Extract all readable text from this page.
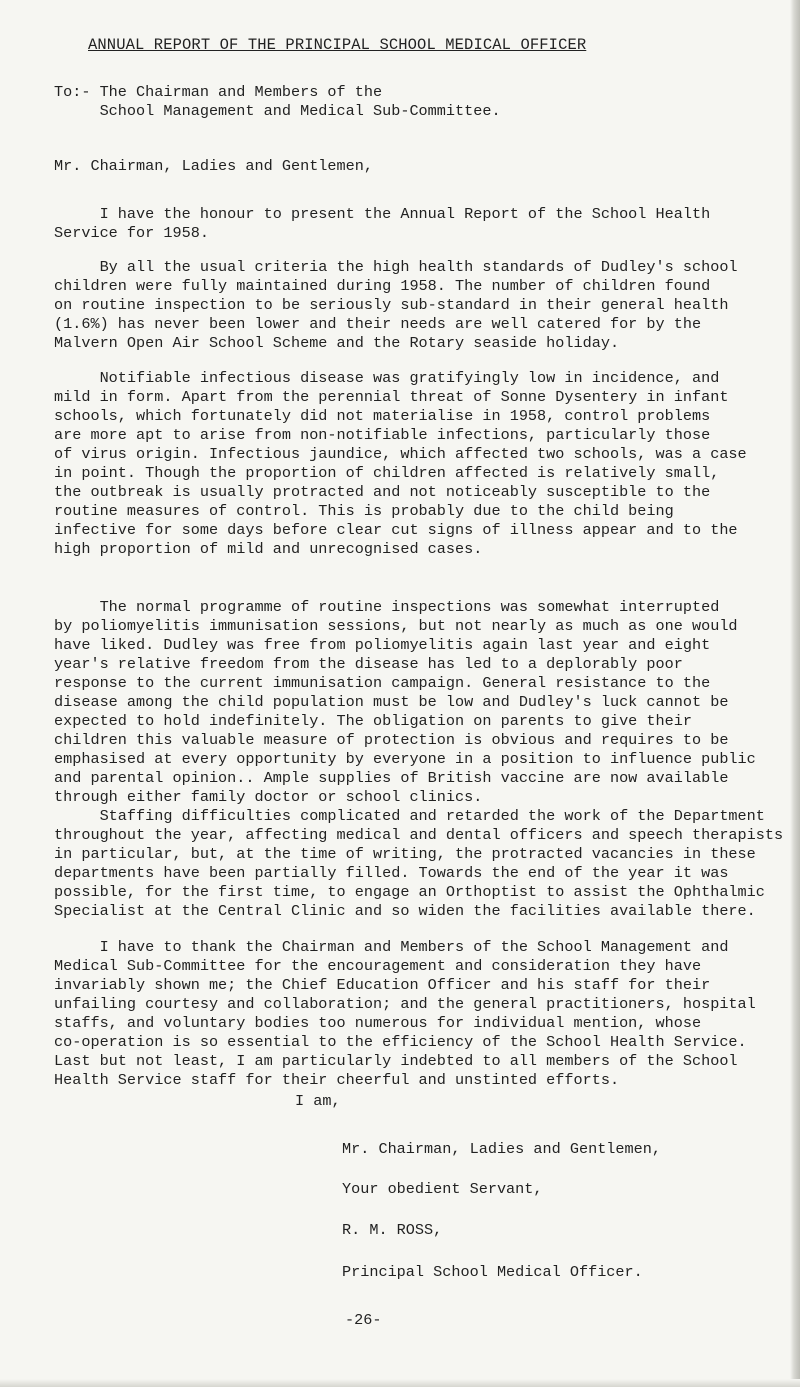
ANNUAL REPORT OF THE PRINCIPAL SCHOOL MEDICAL OFFICER
To:- The Chairman and Members of the
School Management and Medical Sub-Committee.
Mr. Chairman, Ladies and Gentlemen,
I have the honour to present the Annual Report of the School Health
Service for 1958.
By all the usual criteria the high health standards of Dudley's school
children were fully maintained during 1958. The number of children found
on routine inspection to be seriously sub-standard in their general health
(1.6%) has never been lower and their needs are well catered for by the
Malvern Open Air School Scheme and the Rotary seaside holiday.
Notifiable infectious disease was gratifyingly low in incidence, and
mild in form. Apart from the perennial threat of Sonne Dysentery in infant
schools, which fortunately did not materialise in 1958, control problems
are more apt to arise from non-notifiable infections, particularly those
of virus origin. Infectious jaundice, which affected two schools, was a case
in point. Though the proportion of children affected is relatively small,
the outbreak is usually protracted and not noticeably susceptible to the
routine measures of control. This is probably due to the child being
infective for some days before clear cut signs of illness appear and to the
high proportion of mild and unrecognised cases.
The normal programme of routine inspections was somewhat interrupted
by poliomyelitis immunisation sessions, but not nearly as much as one would
have liked. Dudley was free from poliomyelitis again last year and eight
year's relative freedom from the disease has led to a deplorably poor
response to the current immunisation campaign. General resistance to the
disease among the child population must be low and Dudley's luck cannot be
expected to hold indefinitely. The obligation on parents to give their
children this valuable measure of protection is obvious and requires to be
emphasised at every opportunity by everyone in a position to influence public
and parental opinion.. Ample supplies of British vaccine are now available
through either family doctor or school clinics.
Staffing difficulties complicated and retarded the work of the Department
throughout the year, affecting medical and dental officers and speech therapists
in particular, but, at the time of writing, the protracted vacancies in these
departments have been partially filled. Towards the end of the year it was
possible, for the first time, to engage an Orthoptist to assist the Ophthalmic
Specialist at the Central Clinic and so widen the facilities available there.
I have to thank the Chairman and Members of the School Management and
Medical Sub-Committee for the encouragement and consideration they have
invariably shown me; the Chief Education Officer and his staff for their
unfailing courtesy and collaboration; and the general practitioners, hospital
staffs, and voluntary bodies too numerous for individual mention, whose
co-operation is so essential to the efficiency of the School Health Service.
Last but not least, I am particularly indebted to all members of the School
Health Service staff for their cheerful and unstinted efforts.
I am,
Mr. Chairman, Ladies and Gentlemen,
Your obedient Servant,
R. M. ROSS,
Principal School Medical Officer.
-26-
